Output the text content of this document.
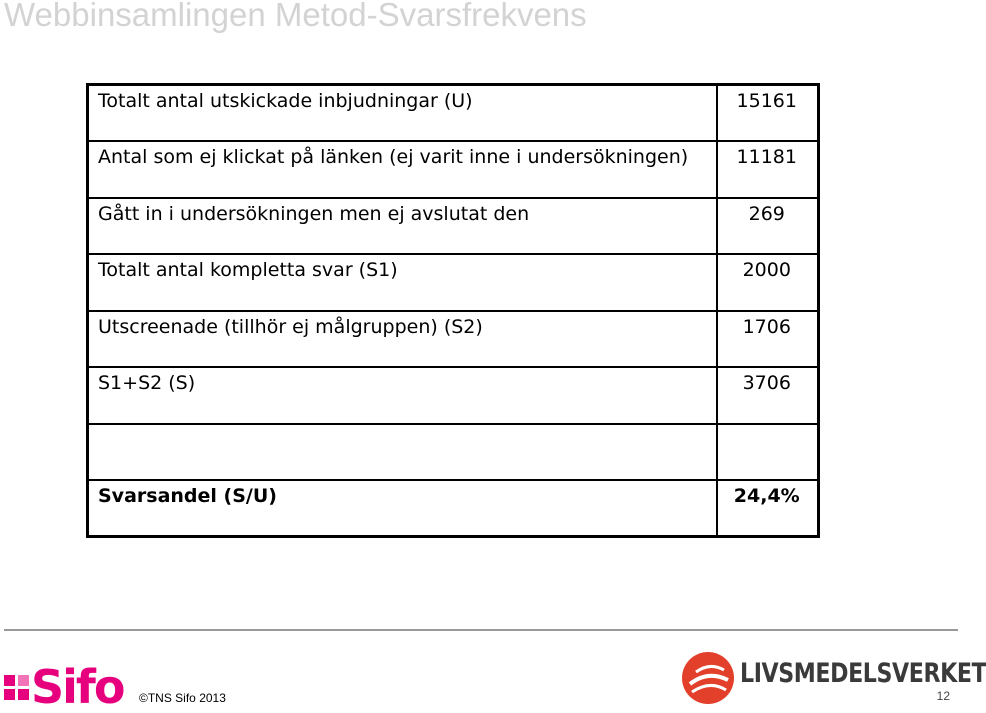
Webbinsamlingen Metod-Svarsfrekvens
Totalt antal utskickade inbjudningar (U)	15161
Antal som ej klickat på länken (ej varit inne i undersökningen)	11181
Gått in i undersökningen men ej avslutat den	269
Totalt antal kompletta svar (S1)	2000
Utscreenade (tillhör ej målgruppen) (S2)	1706
S1+S2 (S)	3706

Svarsandel (S/U)	24,4%
Sifo ©TNS Sifo 2013
LIVSMEDELSVERKET
12
